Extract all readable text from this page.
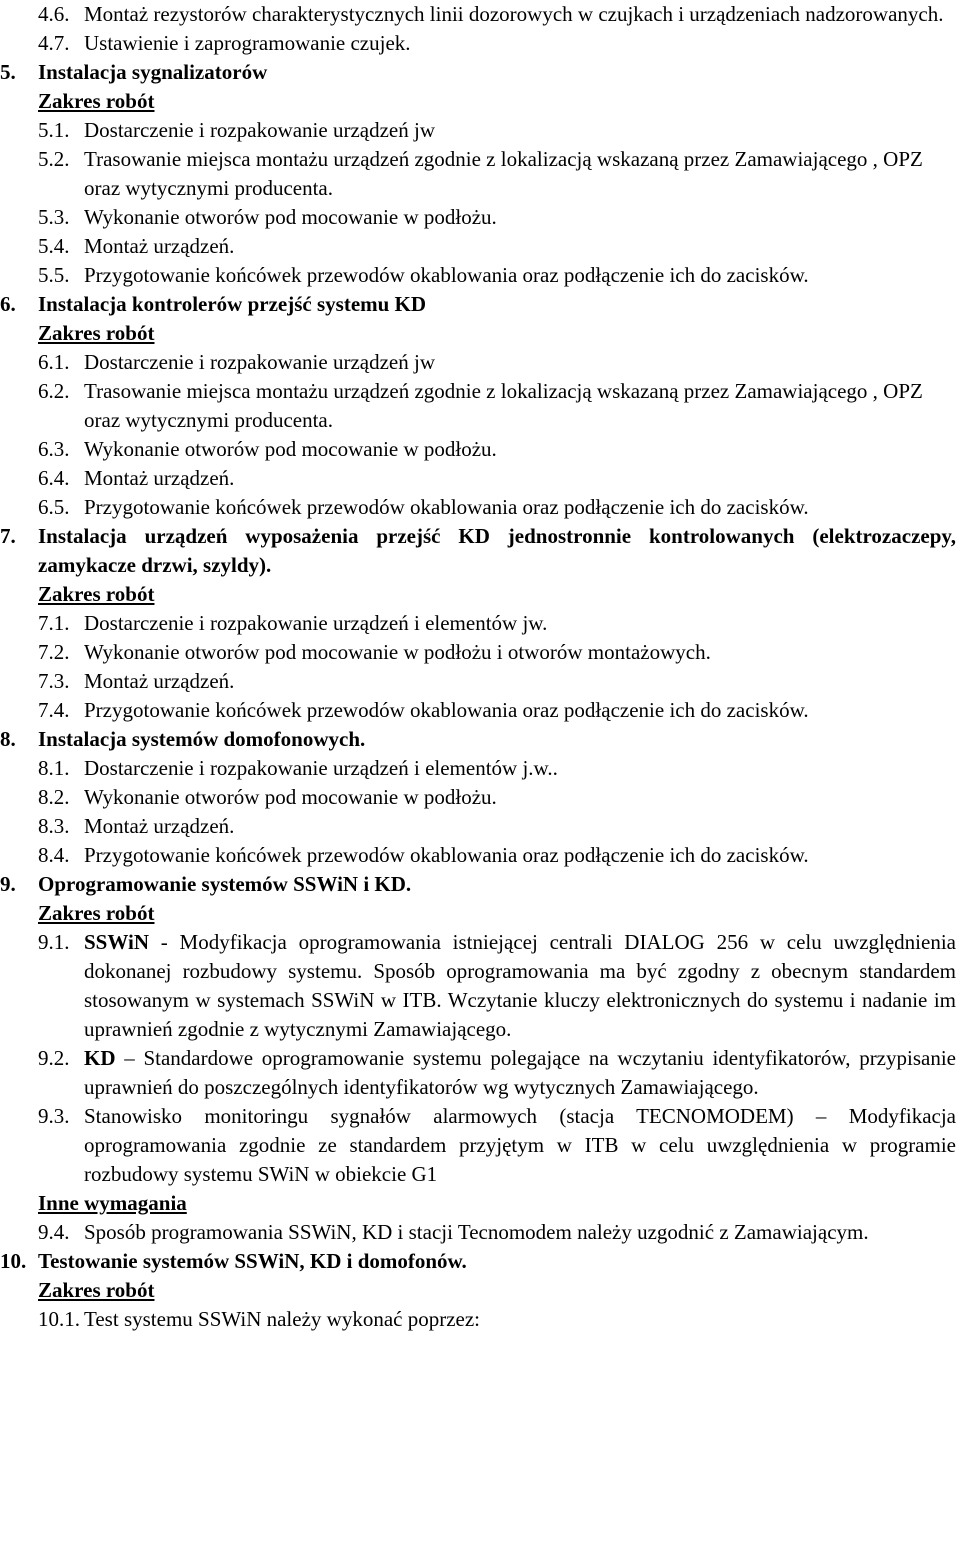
4.6. Montaż rezystorów charakterystycznych linii dozorowych w czujkach i urządzeniach nadzorowanych.
4.7. Ustawienie i zaprogramowanie czujek.
5. Instalacja sygnalizatorów
Zakres robót
5.1. Dostarczenie i rozpakowanie urządzeń jw
5.2. Trasowanie miejsca montażu urządzeń zgodnie z lokalizacją wskazaną przez Zamawiającego , OPZ oraz wytycznymi producenta.
5.3. Wykonanie otworów pod mocowanie w podłożu.
5.4. Montaż urządzeń.
5.5. Przygotowanie końcówek przewodów okablowania oraz podłączenie ich do zacisków.
6. Instalacja kontrolerów przejść systemu KD
Zakres robót
6.1. Dostarczenie i rozpakowanie urządzeń jw
6.2. Trasowanie miejsca montażu urządzeń zgodnie z lokalizacją wskazaną przez Zamawiającego , OPZ oraz wytycznymi producenta.
6.3. Wykonanie otworów pod mocowanie w podłożu.
6.4. Montaż urządzeń.
6.5. Przygotowanie końcówek przewodów okablowania oraz podłączenie ich do zacisków.
7. Instalacja urządzeń wyposażenia przejść KD jednostronnie kontrolowanych (elektrozaczepy, zamykacze drzwi, szyldy).
Zakres robót
7.1. Dostarczenie i rozpakowanie urządzeń i elementów jw.
7.2. Wykonanie otworów pod mocowanie w podłożu i otworów montażowych.
7.3. Montaż urządzeń.
7.4. Przygotowanie końcówek przewodów okablowania oraz podłączenie ich do zacisków.
8. Instalacja systemów domofonowych.
8.1. Dostarczenie i rozpakowanie urządzeń i elementów j.w..
8.2. Wykonanie otworów pod mocowanie w podłożu.
8.3. Montaż urządzeń.
8.4. Przygotowanie końcówek przewodów okablowania oraz podłączenie ich do zacisków.
9. Oprogramowanie systemów SSWiN i KD.
Zakres robót
9.1. SSWiN - Modyfikacja oprogramowania istniejącej centrali DIALOG 256 w celu uwzględnienia dokonanej rozbudowy systemu. Sposób oprogramowania ma być zgodny z obecnym standardem stosowanym w systemach SSWiN w ITB. Wczytanie kluczy elektronicznych do systemu i nadanie im uprawnień zgodnie z wytycznymi Zamawiającego.
9.2. KD – Standardowe oprogramowanie systemu polegające na wczytaniu identyfikatorów, przypisanie uprawnień do poszczególnych identyfikatorów wg wytycznych Zamawiającego.
9.3. Stanowisko monitoringu sygnałów alarmowych (stacja TECNOMODEM) – Modyfikacja oprogramowania zgodnie ze standardem przyjętym w ITB w celu uwzględnienia w programie rozbudowy systemu SWiN w obiekcie G1
Inne wymagania
9.4. Sposób programowania SSWiN, KD i stacji Tecnomodem należy uzgodnić z Zamawiającym.
10. Testowanie systemów SSWiN, KD i domofonów.
Zakres robót
10.1. Test systemu SSWiN należy wykonać poprzez:
